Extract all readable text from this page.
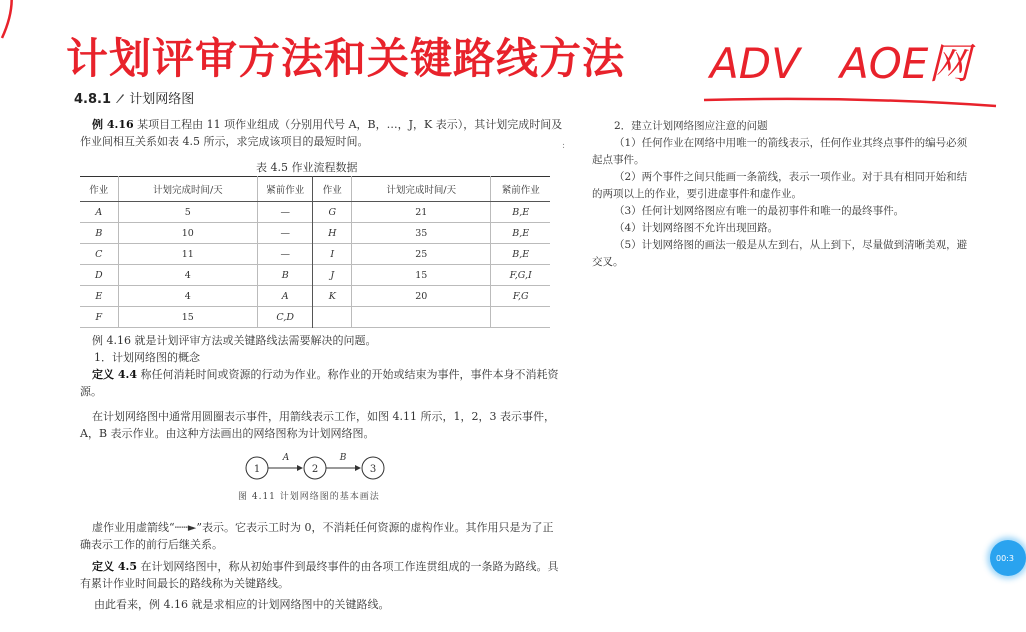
计划评审方法和关键路线方法 ADV AOE网
4.8.1 计划网络图
例 4.16 某项目工程由 11 项作业组成（分别用代号 A，B，…，J，K 表示），其计划完成时间及作业间相互关系如表 4.5 所示，求完成该项目的最短时间。
表 4.5 作业流程数据
作业	计划完成时间/天	紧前作业	作业	计划完成时间/天	紧前作业
A	5	—	G	21	B,E
B	10	—	H	35	B,E
C	11	—	I	25	B,E
D	4	B	J	15	F,G,I
E	4	A	K	20	F,G
F	15	C,D			
例 4.16 就是计划评审方法或关键路线法需要解决的问题。
1．计划网络图的概念
定义 4.4 称任何消耗时间或资源的行动为作业。称作业的开始或结束为事件，事件本身不消耗资源。
在计划网络图中通常用圆圈表示事件，用箭线表示工作，如图 4.11 所示，1，2，3 表示事件，A，B 表示作业。由这种方法画出的网络图称为计划网络图。
1	2	3
A	B
图 4.11 计划网络图的基本画法
虚作业用虚箭线“┄┄►”表示。它表示工时为 0，不消耗任何资源的虚构作业。其作用只是为了正确表示工作的前行后继关系。
定义 4.5 在计划网络图中，称从初始事件到最终事件的由各项工作连贯组成的一条路为路线。具有累计作业时间最长的路线称为关键路线。
由此看来，例 4.16 就是求相应的计划网络图中的关键路线。
:
2．建立计划网络图应注意的问题
（1）任何作业在网络中用唯一的箭线表示，任何作业其终点事件的编号必须
起点事件。
（2）两个事件之间只能画一条箭线，表示一项作业。对于具有相同开始和结
的两项以上的作业，要引进虚事件和虚作业。
（3）任何计划网络图应有唯一的最初事件和唯一的最终事件。
（4）计划网络图不允许出现回路。
（5）计划网络图的画法一般是从左到右，从上到下，尽量做到清晰美观，避
交叉。
00:3
